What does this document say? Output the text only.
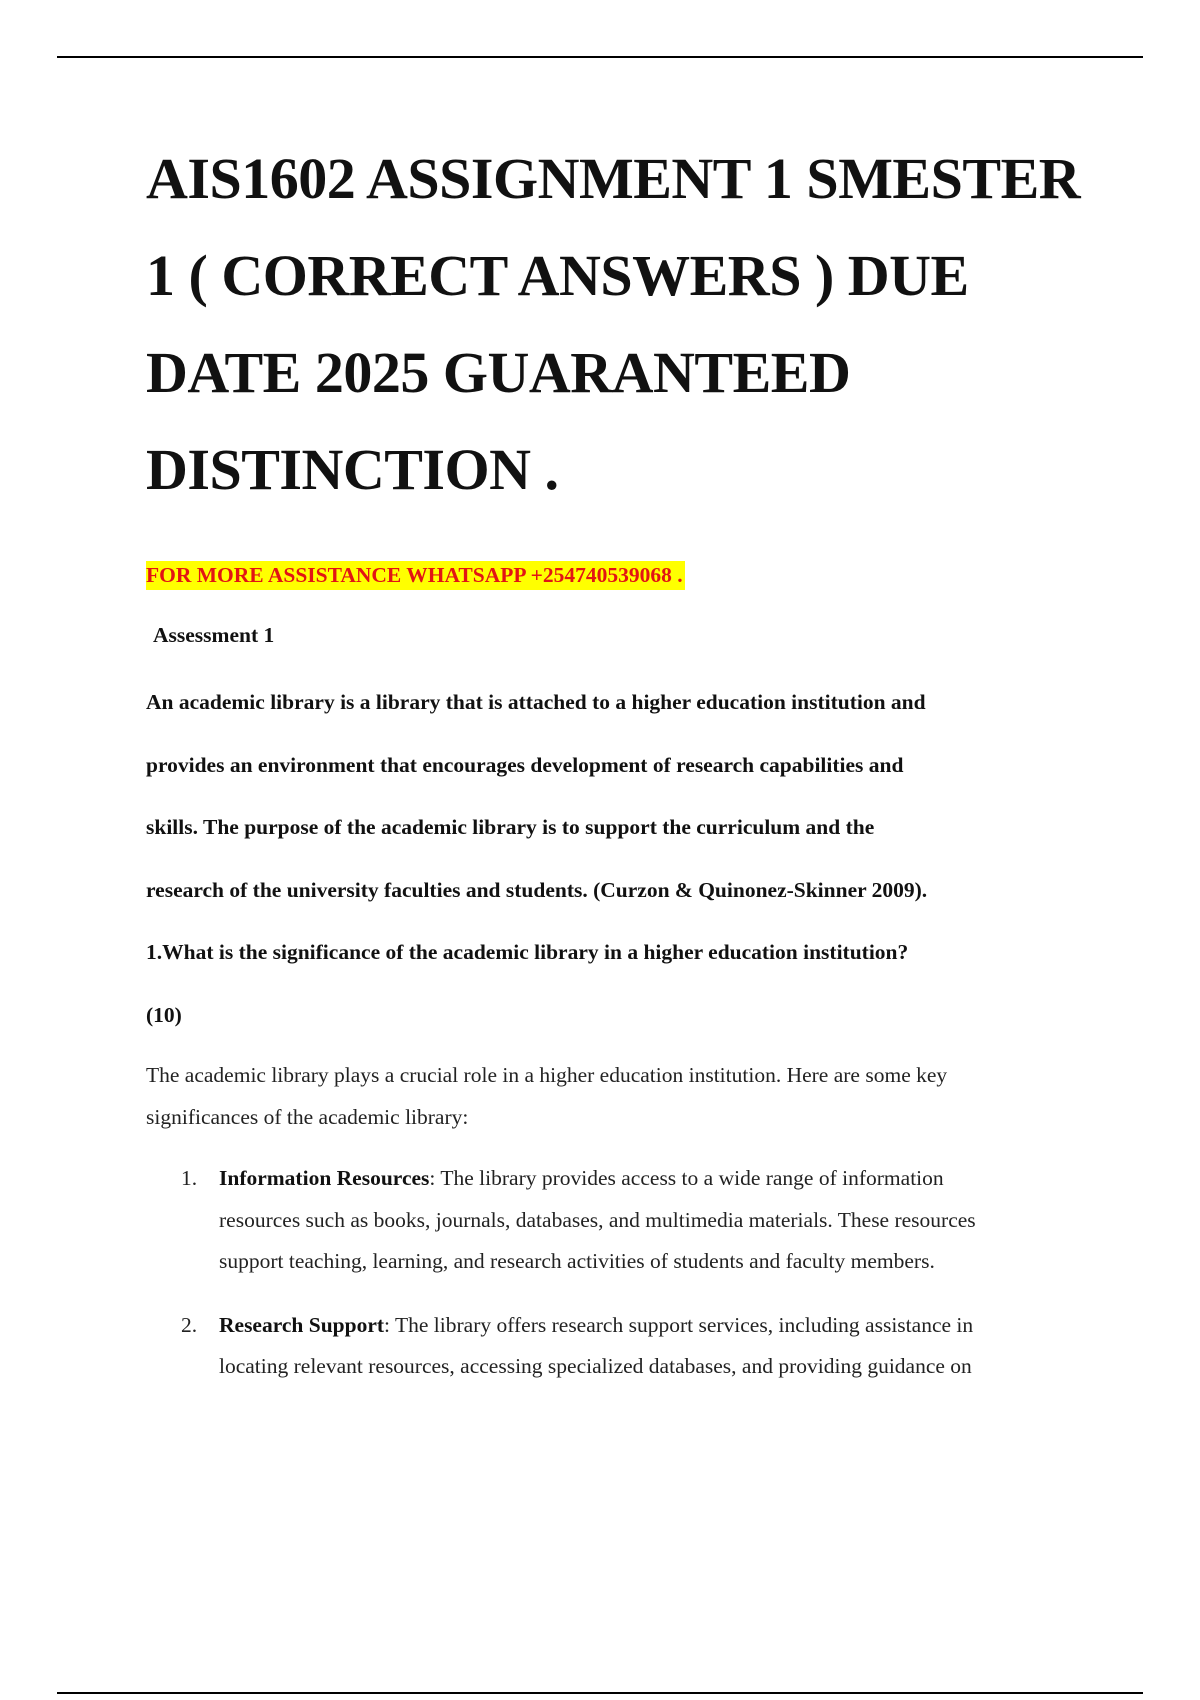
AIS1602 ASSIGNMENT 1 SMESTER
1 ( CORRECT ANSWERS ) DUE
DATE 2025 GUARANTEED
DISTINCTION .
FOR MORE ASSISTANCE WHATSAPP +254740539068 .
Assessment 1
An academic library is a library that is attached to a higher education institution and
provides an environment that encourages development of research capabilities and
skills. The purpose of the academic library is to support the curriculum and the
research of the university faculties and students. (Curzon & Quinonez-Skinner 2009).
1.What is the significance of the academic library in a higher education institution?
(10)
The academic library plays a crucial role in a higher education institution. Here are some key
significances of the academic library:
1. Information Resources: The library provides access to a wide range of information
resources such as books, journals, databases, and multimedia materials. These resources
support teaching, learning, and research activities of students and faculty members.
2. Research Support: The library offers research support services, including assistance in
locating relevant resources, accessing specialized databases, and providing guidance on
